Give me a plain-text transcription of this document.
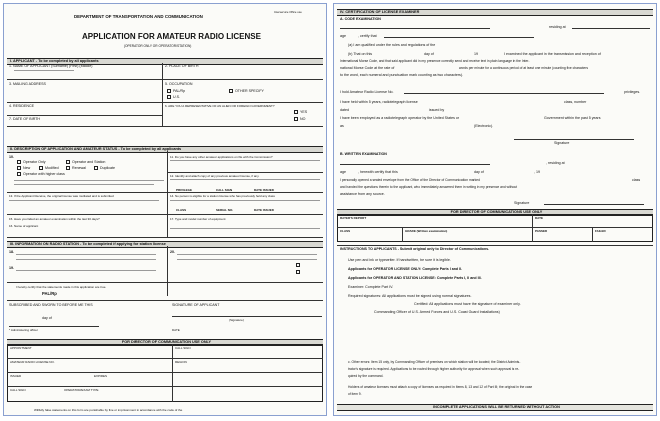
DEPARTMENT OF TRANSPORTATION AND COMMUNICATION
Interservice Office use
APPLICATION FOR AMATEUR RADIO LICENSE
(OPERATOR ONLY OR OPERATOR/STATION)
I. APPLICANT - To be completed by all applicants
1. NAME OF APPLICANT (Surname) (First) (Middle)	2. PLACE OF BIRTH
3. MAILING ADDRESS	5. OCCUPATION
PAL/Rp	OTHER SPECIFY
U.S.
4. RESIDENCE	6. ARE YOU A REPRESENTATIVE OF AN ALIEN OR FOREIGN GOVERNMENT?
YES
NO
7. DATE OF BIRTH
II. DESCRIPTION OF APPLICATION AND AMATEUR STATUS - To be completed by all applicants
10.
Operator Only	Operator and Station
New	Modified	Renewal	Duplicate
Operator with higher class
11. Do you have any other amateur applications on file with the Commission?
12. Identify and attach copy of any previous amateur license, if any.
PRIVILEGE	CALL SIGN	DATE ISSUED
13. If the Applicant Receive, the original license was mutilated and is submitted	14. No person is eligible for a station license who has previously held any class
CLASS	SERIAL NO.	DATE ISSUED
15. Have you failed an amateur examination within the last 30 days?
16. Name of applicant
17. Type and model number of equipment
III. INFORMATION ON RADIO STATION - To be completed if applying for station license
18.
19.
20.
I hereby certify that the statements made in this application are true.
PAL/Rp
SUBSCRIBED AND SWORN TO BEFORE ME THIS	SIGNATURE OF APPLICANT
(Signature)
day of
* Administering officer	DATE
FOR DIRECTOR OF COMMUNICATION USE ONLY
APPOINTMENT	CALL SIGN
AMATEUR RADIO LICENSE NO.	REGION
ISSUED	EXPIRES
CALL SIGN	OPERATOR/EXAM TYPE
Willfully false statements on this form are punishable by fine or imprisonment in accordance with the code of the
IV. CERTIFICATION OF LICENSE EXAMINER
A. CODE EXAMINATION
residing at
age	, certify that
(a) I am qualified under the rules and regulations of the
(b) That on this	day of	19	I examined the applicant in the transmission and reception of
International Morse Code, and that said applicant did in my presence correctly send and receive text in plain language in the Inter-
national Morse Code at the rate of	words per minute for a continuous period of at least one minute (counting five characters
to the word, each numeral and punctuation mark counting as two characters).
I hold Amateur Radio License No.	privileges.
I have held within 5 years, radiotelegraph license	class, number
dated	issued by
I have been employed as a radiotelegraph operator by the United States or	Government within the past 5 years
as	(Electronic).
Signature
B. WRITTEN EXAMINATION
, residing at
age	, herewith certify that this	day of	, 19
I personally opened a sealed envelope from the Office of the Director of Communication marked	class
and handed the questions therein to the applicant, who immediately answered them in writing in my presence and without
assistance from any source.
Signature
FOR DIRECTOR OF COMMUNICATIONS USE ONLY
RATER'S REPORT	DATE
CLASS	GRADE (Written examination)	PASSED	FAILED
INSTRUCTIONS TO APPLICANTS - Submit original only to Director of Communications.
Use pen and ink or typewriter. If handwritten, be sure it is legible.
Applicants for OPERATOR LICENSE ONLY: Complete Parts I and II.
Applicants for OPERATOR AND STATION LICENSE: Complete Parts I, II and III.
Examiner: Complete Part IV.
Required signatures: All applications must be signed using normal signatures.
Certified: All applications must have the signature of examiner only.
Commanding Officer of U.S. Armed Forces and U.S. Coast Guard Installations)
c. Other errors: Item 15 only, by Commanding Officer of premises on which station will be located; the District Adminis-
trator's signature is required. Applications to be routed through higher authority for approval when such approval is re-
quired by the command.
Holders of amateur licenses must attach a copy of licenses as required in Items 8, 13 and 12 of Part III; the original in the case
of item 9.
INCOMPLETE APPLICATIONS WILL BE RETURNED WITHOUT ACTION
